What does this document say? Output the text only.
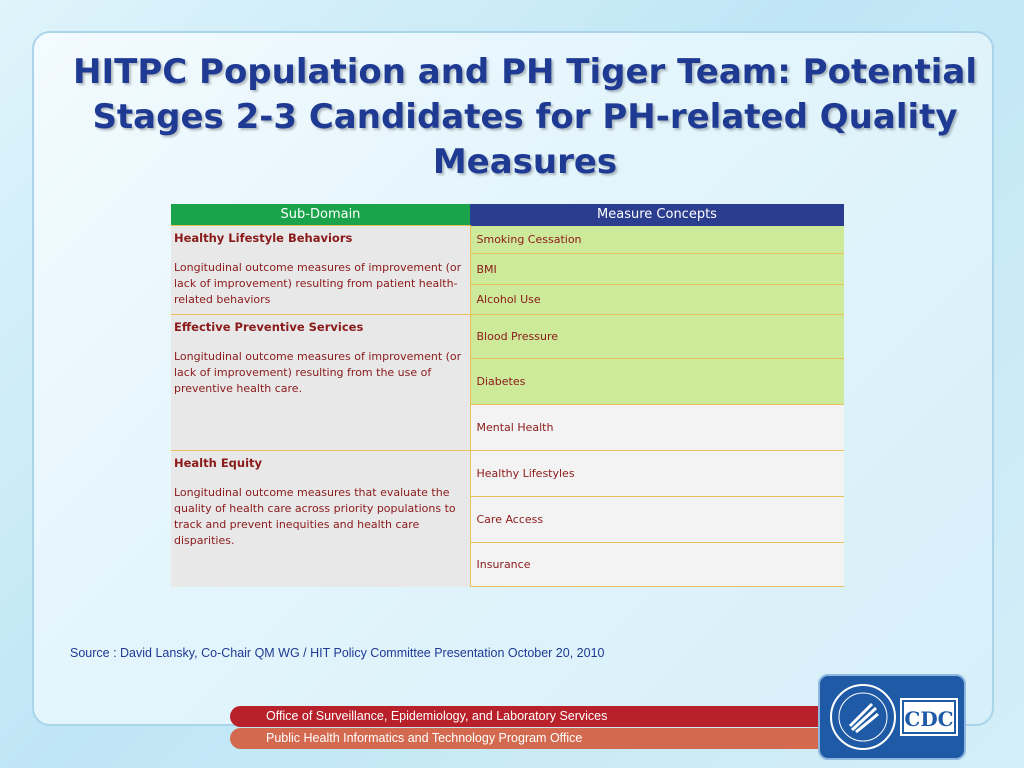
HITPC Population and PH Tiger Team: Potential Stages 2-3 Candidates for PH-related Quality Measures
Sub-Domain	Measure Concepts

Healthy Lifestyle Behaviors
Longitudinal outcome measures of improvement (or lack of improvement) resulting from patient health-related behaviors	Smoking Cessation
	BMI
	Alcohol Use

Effective Preventive Services
Longitudinal outcome measures of improvement (or lack of improvement) resulting from the use of preventive health care.	Blood Pressure
	Diabetes
	Mental Health

Health Equity
Longitudinal outcome measures that evaluate the quality of health care across priority populations to track and prevent inequities and health care disparities.	Healthy Lifestyles
	Care Access
	Insurance

Source : David Lansky, Co-Chair QM WG / HIT Policy Committee Presentation October 20, 2010

Office of Surveillance, Epidemiology, and Laboratory Services
Public Health Informatics and Technology Program Office
CDC
